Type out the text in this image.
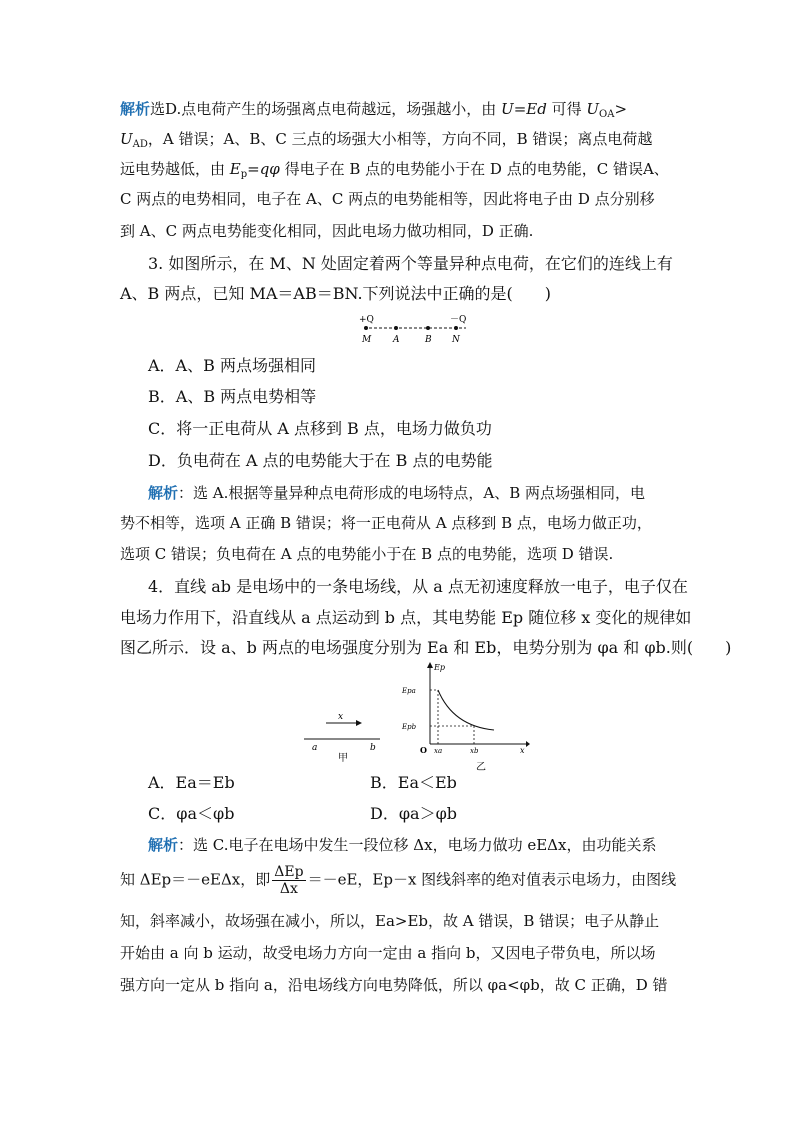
解析选D.点电荷产生的场强离点电荷越远，场强越小，由 U=Ed 可得 $U_{OA}>$
$U_{AD}$，A 错误；A、B、C 三点的场强大小相等，方向不同，B 错误；离点电荷越
远电势越低，由 $E_p=q\varphi$ 得电子在 B 点的电势能小于在 D 点的电势能，C 错误A、
C 两点的电势相同，电子在 A、C 两点的电势能相等，因此将电子由 D 点分别移
到 A、C 两点电势能变化相同，因此电场力做功相同，D 正确.
3. 如图所示，在 M、N 处固定着两个等量异种点电荷，在它们的连线上有
A、B 两点，已知 MA＝AB＝BN.下列说法中正确的是(　　)
+Q	－Q
M A	B N
A．A、B 两点场强相同
B．A、B 两点电势相等
C．将一正电荷从 A 点移到 B 点，电场力做负功
D．负电荷在 A 点的电势能大于在 B 点的电势能
解析：选 A.根据等量异种点电荷形成的电场特点，A、B 两点场强相同，电
势不相等，选项 A 正确 B 错误；将一正电荷从 A 点移到 B 点，电场力做正功，
选项 C 错误；负电荷在 A 点的电势能小于在 B 点的电势能，选项 D 错误.
4．直线 ab 是电场中的一条电场线，从 a 点无初速度释放一电子，电子仅在
电场力作用下，沿直线从 a 点运动到 b 点，其电势能 Ep 随位移 x 变化的规律如
图乙所示．设 a、b 两点的电场强度分别为 Ea 和 Eb，电势分别为 φa 和 φb.则(　　)
x
a	b
甲
Ep
Epa
Epb
O xa	xb	x
乙
A．Ea＝Eb	B．Ea＜Eb
C．φa＜φb	D．φa＞φb
解析：选 C.电子在电场中发生一段位移 Δx，电场力做功 eEΔx，由功能关系
知 ΔEp＝－eEΔx，即 $\frac{\text{ΔEp}}{\Delta x} =-eE$，Ep－x 图线斜率的绝对值表示电场力，由图线
知，斜率减小，故场强在减小，所以，Ea>Eb，故 A 错误，B 错误；电子从静止
开始由 a 向 b 运动，故受电场力方向一定由 a 指向 b，又因电子带负电，所以场
强方向一定从 b 指向 a，沿电场线方向电势降低，所以 φa<φb，故 C 正确，D 错
